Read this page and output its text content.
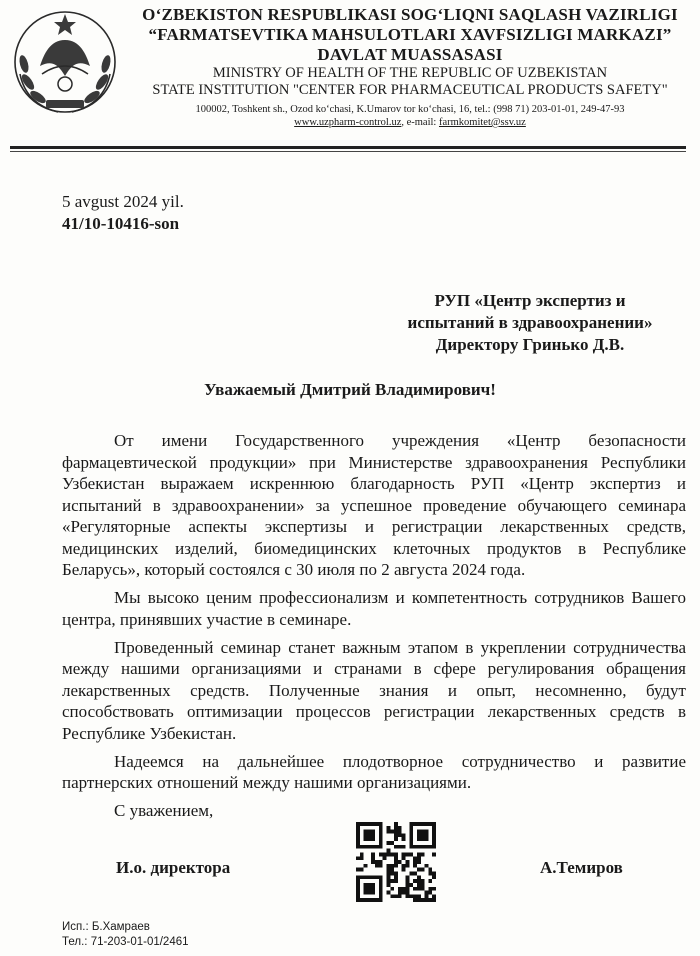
O‘ZBEKISTON RESPUBLIKASI SOG‘LIQNI SAQLASH VAZIRLIGI
“FARMATSEVTIKA MAHSULOTLARI XAVFSIZLIGI MARKAZI”
DAVLAT MUASSASASI
MINISTRY OF HEALTH OF THE REPUBLIC OF UZBEKISTAN
STATE INSTITUTION "CENTER FOR PHARMACEUTICAL PRODUCTS SAFETY"
100002, Toshkent sh., Ozod ko‘chasi, K.Umarov tor ko‘chasi, 16, tel.: (998 71) 203-01-01, 249-47-93
www.uzpharm-control.uz, e-mail: farmkomitet@ssv.uz
5 avgust 2024 yil.
41/10-10416-son
РУП «Центр экспертиз и
испытаний в здравоохранении»
Директору Гринько Д.В.
Уважаемый Дмитрий Владимирович!

От имени Государственного учреждения «Центр безопасности фармацевтической продукции» при Министерстве здравоохранения Республики Узбекистан выражаем искреннюю благодарность РУП «Центр экспертиз и испытаний в здравоохранении» за успешное проведение обучающего семинара «Регуляторные аспекты экспертизы и регистрации лекарственных средств, медицинских изделий, биомедицинских клеточных продуктов в Республике Беларусь», который состоялся с 30 июля по 2 августа 2024 года.

Мы высоко ценим профессионализм и компетентность сотрудников Вашего центра, принявших участие в семинаре.

Проведенный семинар станет важным этапом в укреплении сотрудничества между нашими организациями и странами в сфере регулирования обращения лекарственных средств. Полученные знания и опыт, несомненно, будут способствовать оптимизации процессов регистрации лекарственных средств в Республике Узбекистан.

Надеемся на дальнейшее плодотворное сотрудничество и развитие партнерских отношений между нашими организациями.

С уважением,
И.о. директора	А.Темиров
Исп.: Б.Хамраев
Тел.: 71-203-01-01/2461
